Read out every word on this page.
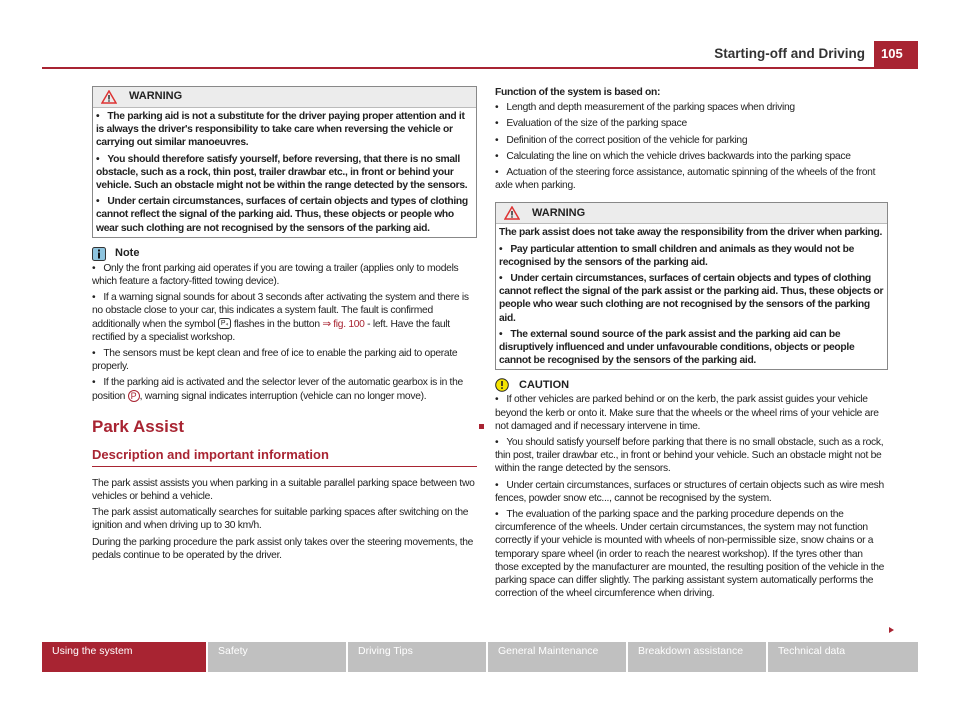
Starting-off and Driving	105
WARNING
• The parking aid is not a substitute for the driver paying proper attention and it is always the driver's responsibility to take care when reversing the vehicle or carrying out similar manoeuvres.
• You should therefore satisfy yourself, before reversing, that there is no small obstacle, such as a rock, thin post, trailer drawbar etc., in front or behind your vehicle. Such an obstacle might not be within the range detected by the sensors.
• Under certain circumstances, surfaces of certain objects and types of clothing cannot reflect the signal of the parking aid. Thus, these objects or people who wear such clothing are not recognised by the sensors of the parking aid.
Note
• Only the front parking aid operates if you are towing a trailer (applies only to models which feature a factory-fitted towing device).
• If a warning signal sounds for about 3 seconds after activating the system and there is no obstacle close to your car, this indicates a system fault. The fault is confirmed additionally when the symbol P₄ flashes in the button ⇒ fig. 100 - left. Have the fault rectified by a specialist workshop.
• The sensors must be kept clean and free of ice to enable the parking aid to operate properly.
• If the parking aid is activated and the selector lever of the automatic gearbox is in the position P , warning signal indicates interruption (vehicle can no longer move).
Park Assist
Description and important information
The park assist assists you when parking in a suitable parallel parking space between two vehicles or behind a vehicle.
The park assist automatically searches for suitable parking spaces after switching on the ignition and when driving up to 30 km/h.
During the parking procedure the park assist only takes over the steering movements, the pedals continue to be operated by the driver.
Function of the system is based on:
• Length and depth measurement of the parking spaces when driving
• Evaluation of the size of the parking space
• Definition of the correct position of the vehicle for parking
• Calculating the line on which the vehicle drives backwards into the parking space
• Actuation of the steering force assistance, automatic spinning of the wheels of the front axle when parking.
WARNING
The park assist does not take away the responsibility from the driver when parking.
• Pay particular attention to small children and animals as they would not be recognised by the sensors of the parking aid.
• Under certain circumstances, surfaces of certain objects and types of clothing cannot reflect the signal of the park assist or the parking aid. Thus, these objects or people who wear such clothing are not recognised by the sensors of the parking aid.
• The external sound source of the park assist and the parking aid can be disruptively influenced and under unfavourable conditions, objects or people cannot be recognised by the sensors of the parking aid.
CAUTION
• If other vehicles are parked behind or on the kerb, the park assist guides your vehicle beyond the kerb or onto it. Make sure that the wheels or the wheel rims of your vehicle are not damaged and if necessary intervene in time.
• You should satisfy yourself before parking that there is no small obstacle, such as a rock, thin post, trailer drawbar etc., in front or behind your vehicle. Such an obstacle might not be within the range detected by the sensors.
• Under certain circumstances, surfaces or structures of certain objects such as wire mesh fences, powder snow etc..., cannot be recognised by the system.
• The evaluation of the parking space and the parking procedure depends on the circumference of the wheels. Under certain circumstances, the system may not function correctly if your vehicle is mounted with wheels of non-permissible size, snow chains or a temporary spare wheel (in order to reach the nearest workshop). If the tyres other than those excepted by the manufacturer are mounted, the resulting position of the vehicle in the parking space can differ slightly. The parking assistant system automatically performs the correction of the wheel circumference when driving.
Using the system	Safety	Driving Tips	General Maintenance	Breakdown assistance	Technical data
